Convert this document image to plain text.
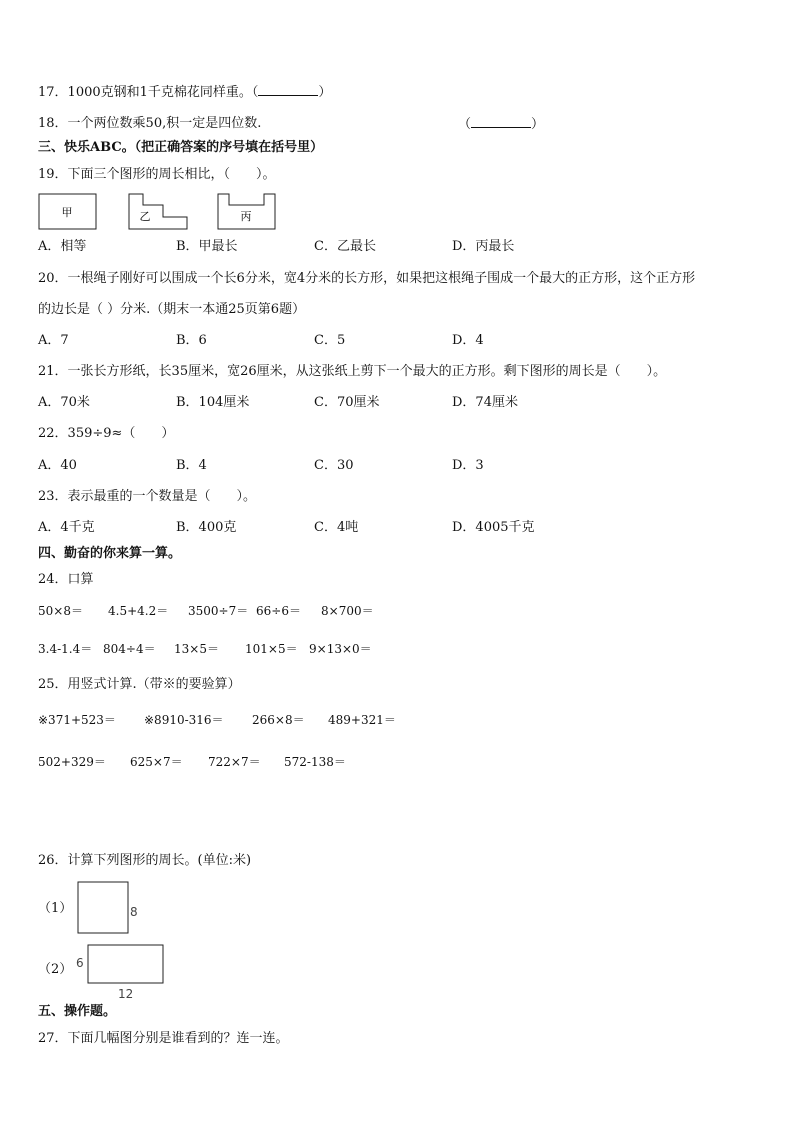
17．1000克钢和1千克棉花同样重。（	）
18．一个两位数乘50,积一定是四位数.	（	）
三、快乐ABC。（把正确答案的序号填在括号里）
19．下面三个图形的周长相比，（　　）。
甲	乙	丙
A．相等	B．甲最长	C．乙最长	D．丙最长
20．一根绳子刚好可以围成一个长6分米，宽4分米的长方形，如果把这根绳子围成一个最大的正方形，这个正方形
的边长是（ ）分米.（期末一本通25页第6题）
A．7	B．6	C．5	D．4
21．一张长方形纸，长35厘米，宽26厘米，从这张纸上剪下一个最大的正方形。剩下图形的周长是（　　）。
A．70米	B．104厘米	C．70厘米	D．74厘米
22．359÷9≈（　　）
A．40	B．4	C．30	D．3
23．表示最重的一个数量是（　　）。
A．4千克	B．400克	C．4吨	D．4005千克
四、勤奋的你来算一算。
24．口算
50×8＝ 4.5+4.2＝ 3500÷7＝ 66÷6＝ 8×700＝
3.4-1.4＝ 804÷4＝ 13×5＝ 101×5＝ 9×13×0＝
25．用竖式计算.（带※的要验算）
※371+523＝ ※8910-316＝ 266×8＝ 489+321＝
502+329＝ 625×7＝ 722×7＝ 572-138＝
26．计算下列图形的周长。(单位:米)
（1）	8
（2） 6
12
五、操作题。
27．下面几幅图分别是谁看到的？连一连。
